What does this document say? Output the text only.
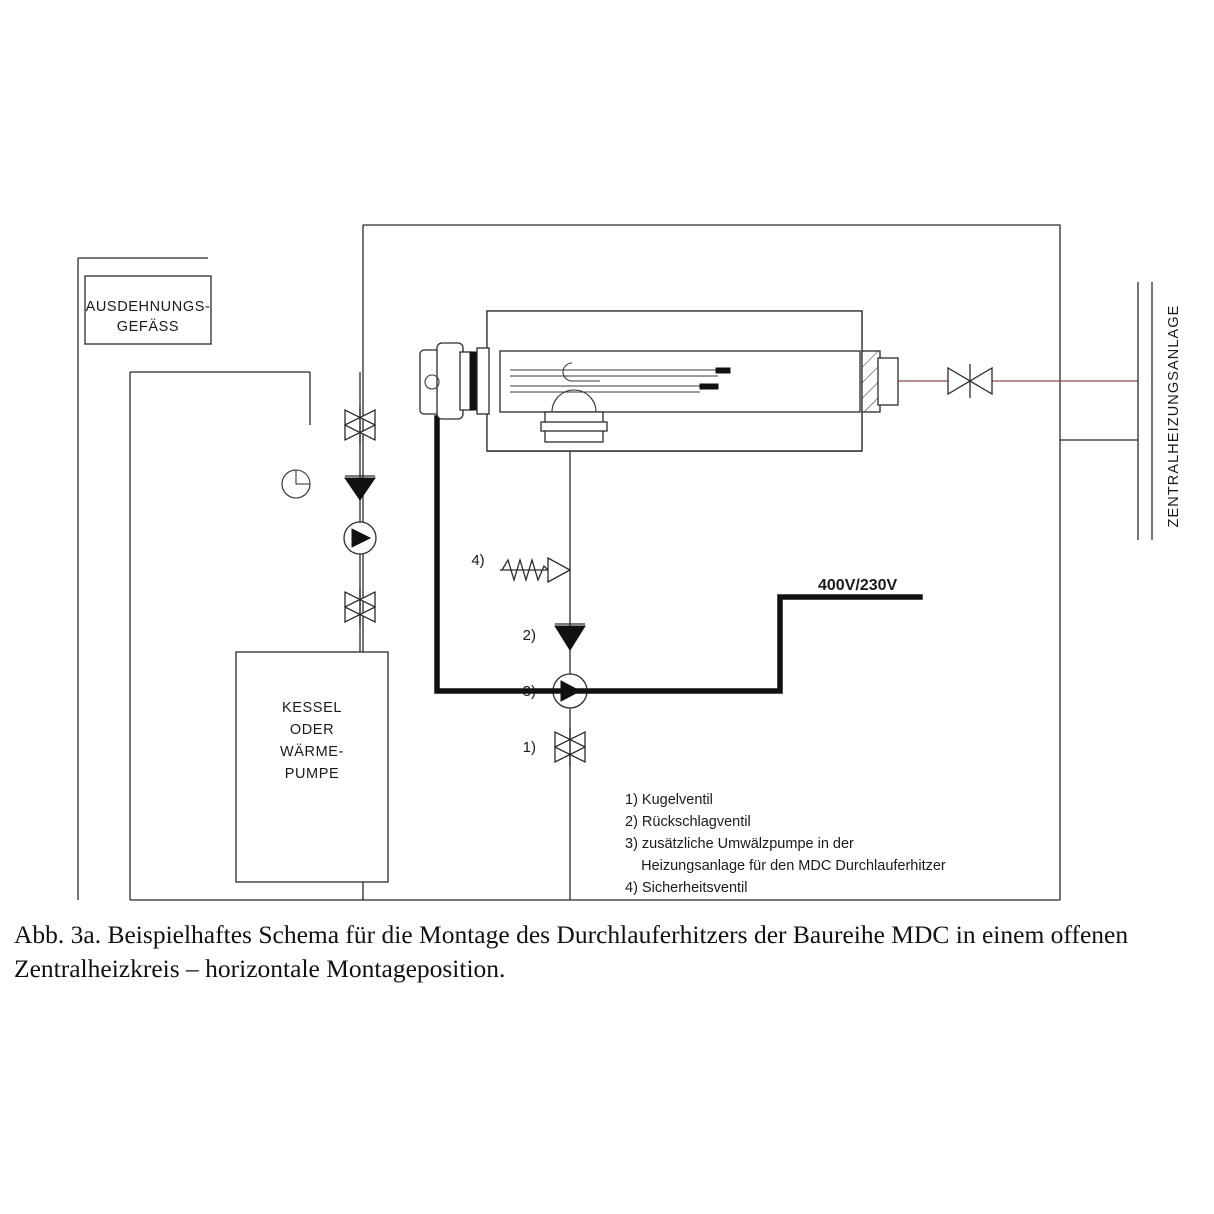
AUSDEHNUNGS-
GEFÄSS
KESSEL
ODER
WÄRME-
PUMPE
4)
2)
3)
1)
400V/230V
ZENTRALHEIZUNGSANLAGE
1) Kugelventil
2) Rückschlagventil
3) zusätzliche Umwälzpumpe in der
Heizungsanlage für den MDC Durchlauferhitzer
4) Sicherheitsventil
Abb. 3a. Beispielhaftes Schema für die Montage des Durchlauferhitzers der Baureihe MDC in einem offenen Zentralheizkreis – horizontale Montageposition.
